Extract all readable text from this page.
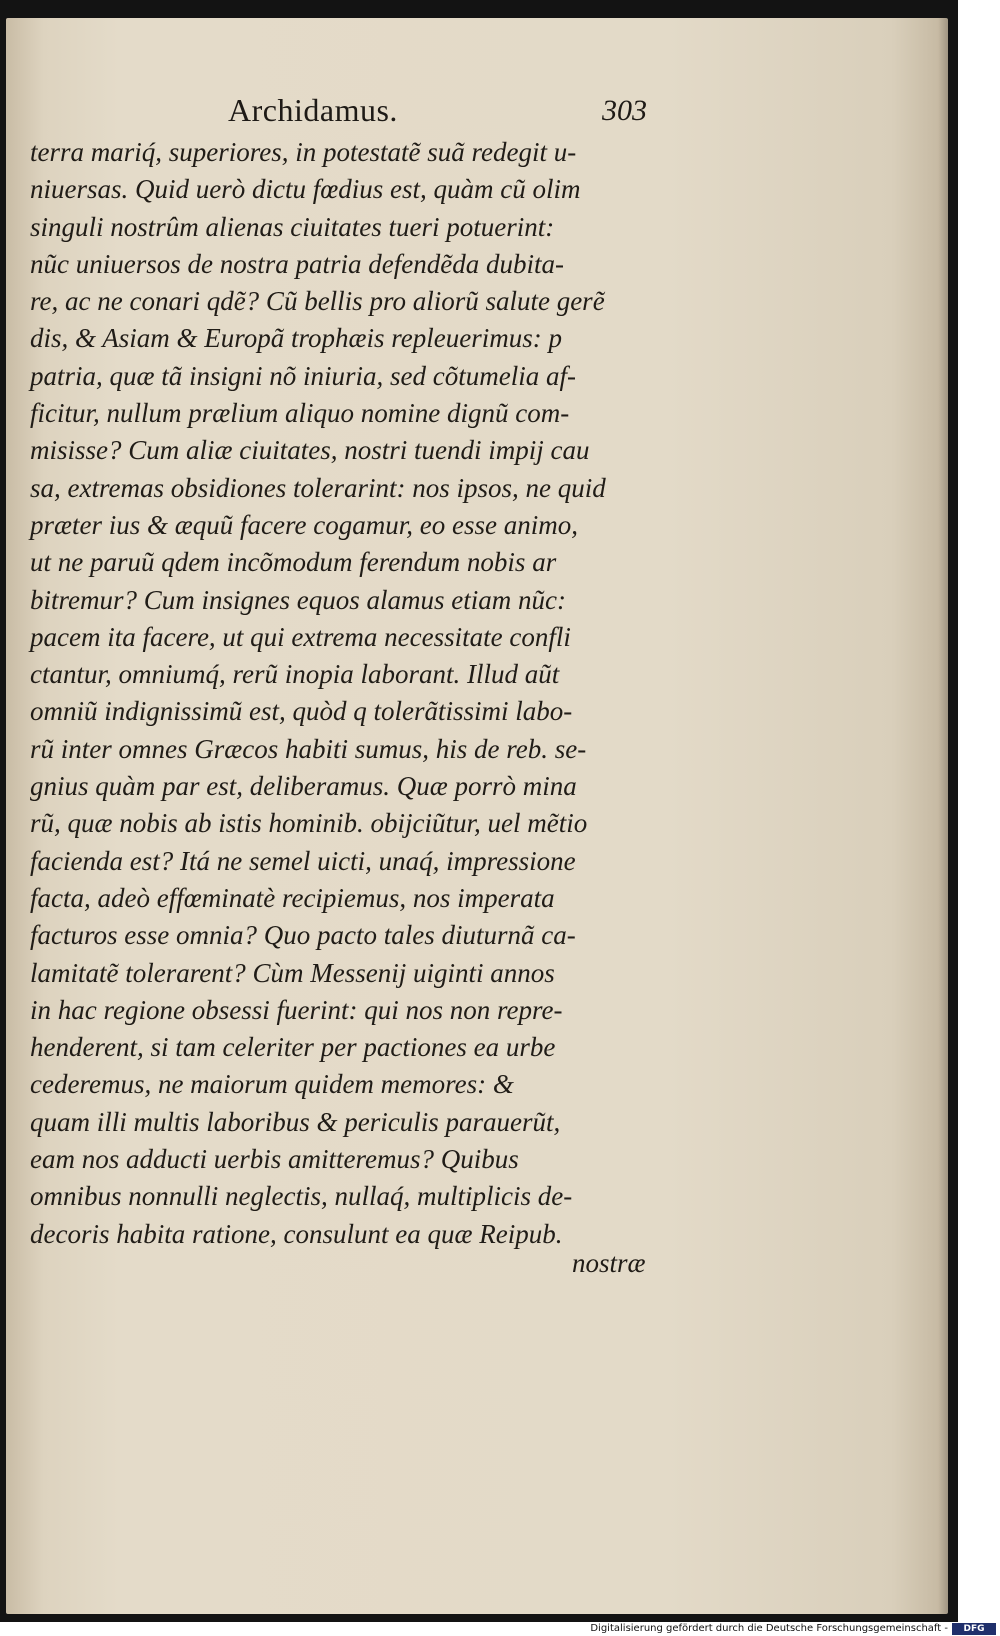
Archidamus.	303
terra mariq́, superiores, in potestatẽ suã redegit u-
niuersas. Quid uerò dictu fœdius est, quàm cũ olim
singuli nostrûm alienas ciuitates tueri potuerint:
nũc uniuersos de nostra patria defendẽda dubita-
re, ac ne conari qdẽ? Cũ bellis pro aliorũ salute gerẽ
dis, & Asiam & Europã trophæis repleuerimus: p
patria, quæ tã insigni nõ iniuria, sed cõtumelia af-
ficitur, nullum prælium aliquo nomine dignũ com-
misisse? Cum aliæ ciuitates, nostri tuendi impij cau
sa, extremas obsidiones tolerarint: nos ipsos, ne quid
præter ius & æquũ facere cogamur, eo esse animo,
ut ne paruũ qdem incõmodum ferendum nobis ar
bitremur? Cum insignes equos alamus etiam nũc:
pacem ita facere, ut qui extrema necessitate confli
ctantur, omniumq́, rerũ inopia laborant. Illud aũt
omniũ indignissimũ est, quòd q tolerãtissimi labo-
rũ inter omnes Græcos habiti sumus, his de reb. se-
gnius quàm par est, deliberamus. Quæ porrò mina
rũ, quæ nobis ab istis hominib. obijciũtur, uel mẽtio
facienda est? Itá ne semel uicti, unaq́, impressione
facta, adeò effœminatè recipiemus, nos imperata
facturos esse omnia? Quo pacto tales diuturnã ca-
lamitatẽ tolerarent? Cùm Messenij uiginti annos
in hac regione obsessi fuerint: qui nos non repre-
henderent, si tam celeriter per pactiones ea urbe
cederemus, ne maiorum quidem memores: &
quam illi multis laboribus & periculis parauerũt,
eam nos adducti uerbis amitteremus? Quibus
omnibus nonnulli neglectis, nullaq́, multiplicis de-
decoris habita ratione, consulunt ea quæ Reipub.
nostræ
Digitalisierung gefördert durch die Deutsche Forschungsgemeinschaft -	DFG
